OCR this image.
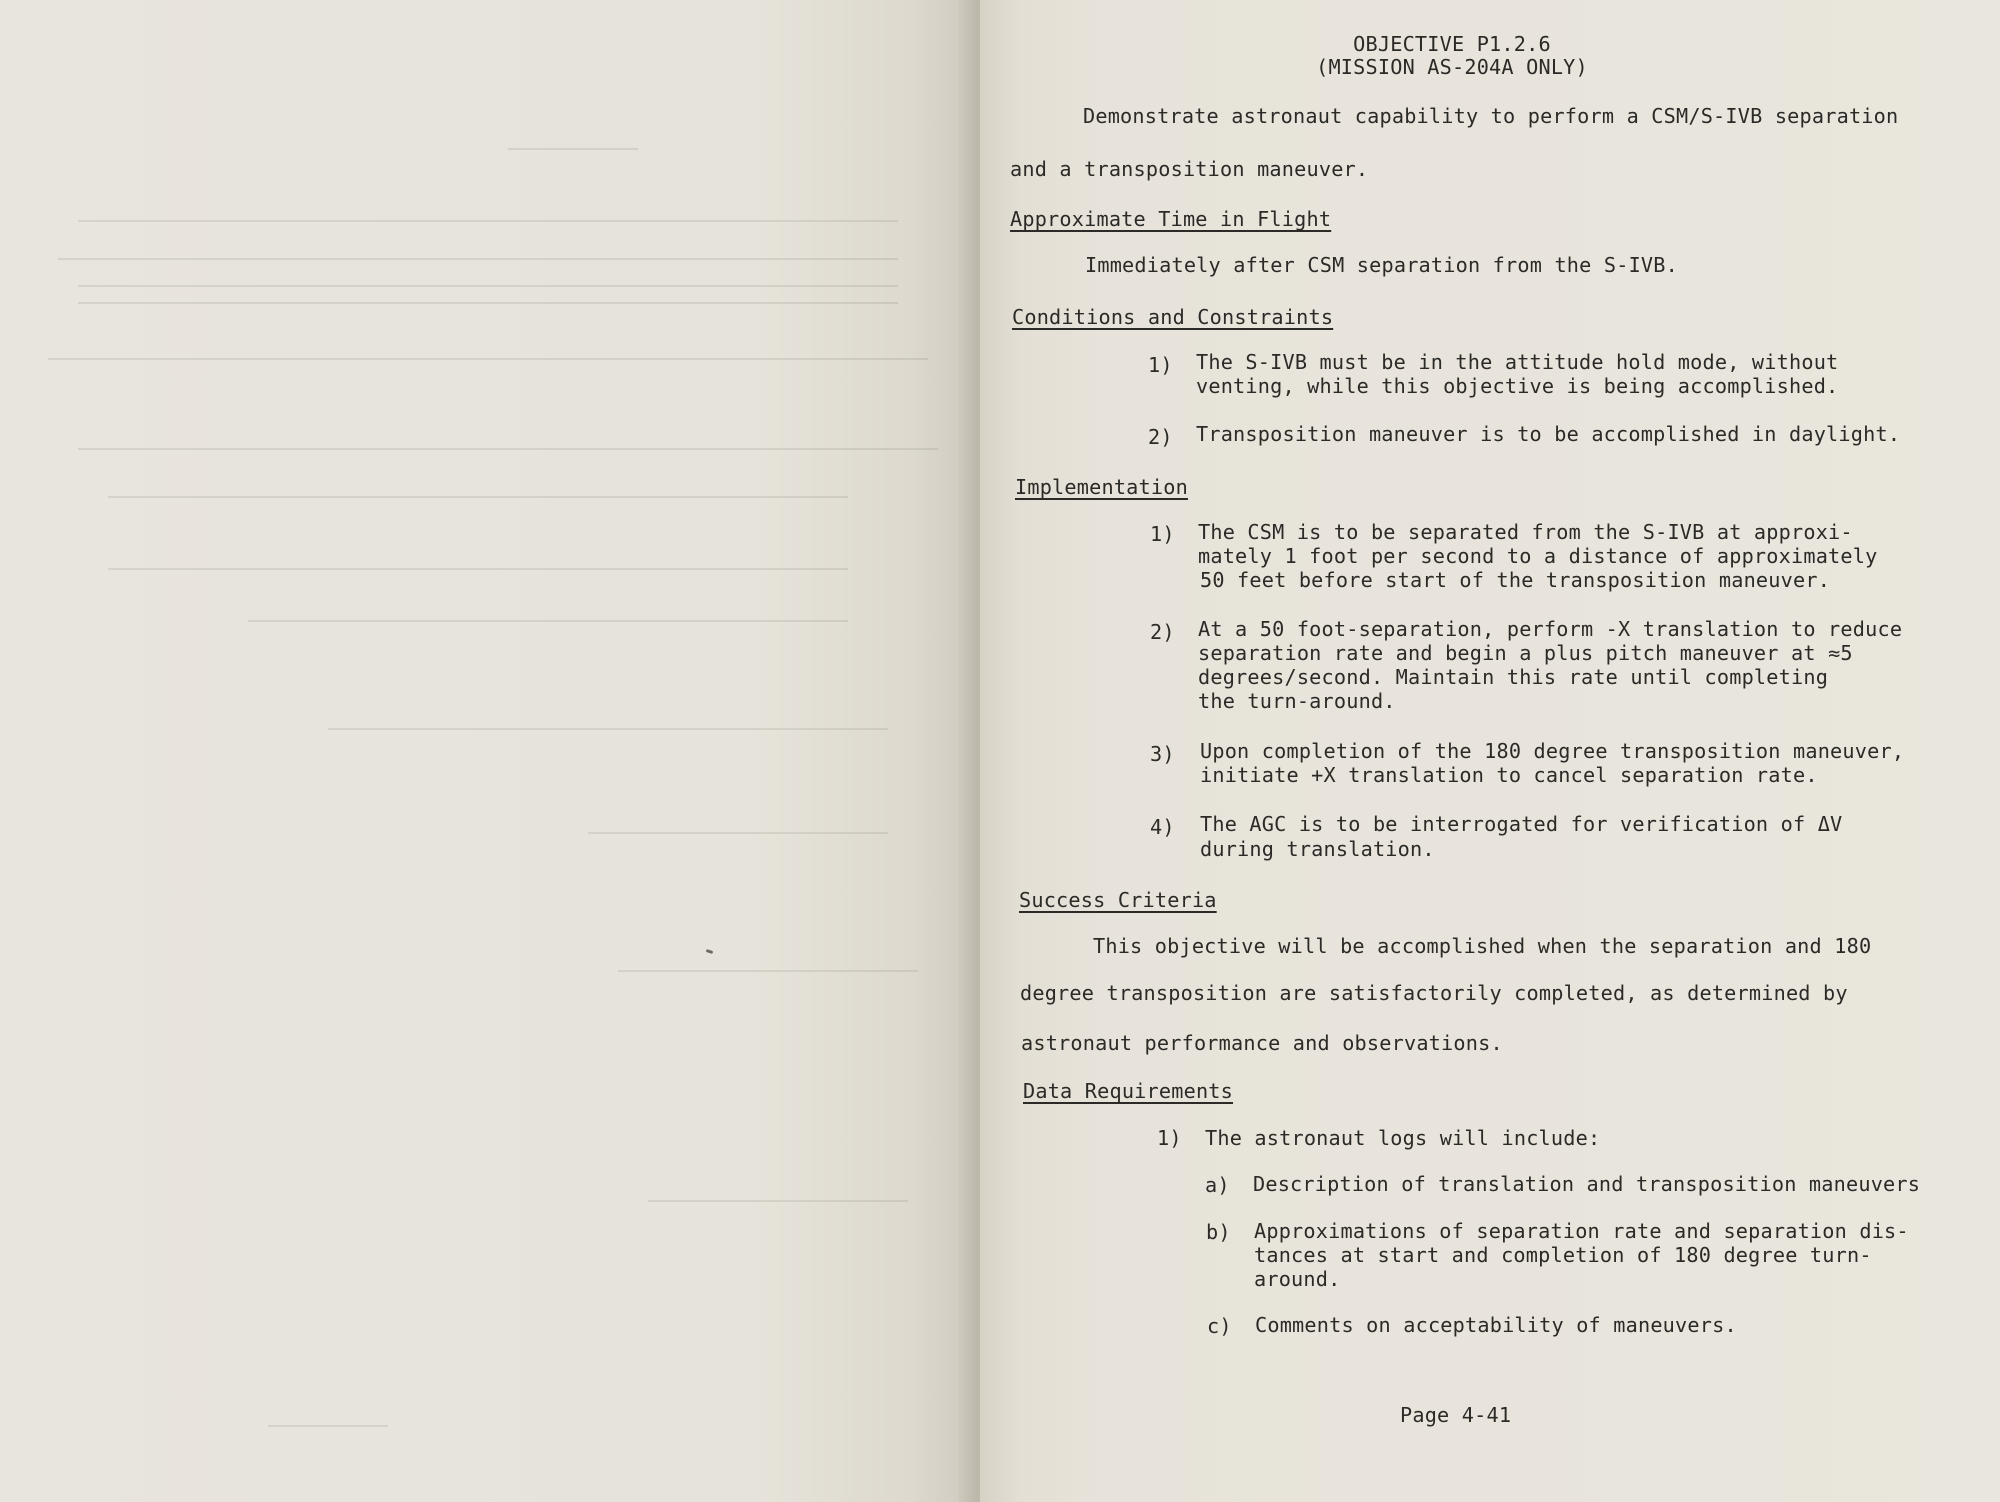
OBJECTIVE P1.2.6
(MISSION AS-204A ONLY)
Demonstrate astronaut capability to perform a CSM/S-IVB separation
and a transposition maneuver.
Approximate Time in Flight
Immediately after CSM separation from the S-IVB.
Conditions and Constraints
1) The S-IVB must be in the attitude hold mode, without
venting, while this objective is being accomplished.
2) Transposition maneuver is to be accomplished in daylight.
Implementation
1) The CSM is to be separated from the S-IVB at approxi-
mately 1 foot per second to a distance of approximately
50 feet before start of the transposition maneuver.
2) At a 50 foot-separation, perform -X translation to reduce
separation rate and begin a plus pitch maneuver at ≈5
degrees/second. Maintain this rate until completing
the turn-around.
3) Upon completion of the 180 degree transposition maneuver,
initiate +X translation to cancel separation rate.
4) The AGC is to be interrogated for verification of ΔV
during translation.
Success Criteria
This objective will be accomplished when the separation and 180
degree transposition are satisfactorily completed, as determined by
astronaut performance and observations.
Data Requirements
1) The astronaut logs will include:
a) Description of translation and transposition maneuvers
b) Approximations of separation rate and separation dis-
tances at start and completion of 180 degree turn-
around.
c) Comments on acceptability of maneuvers.
Page 4-41
